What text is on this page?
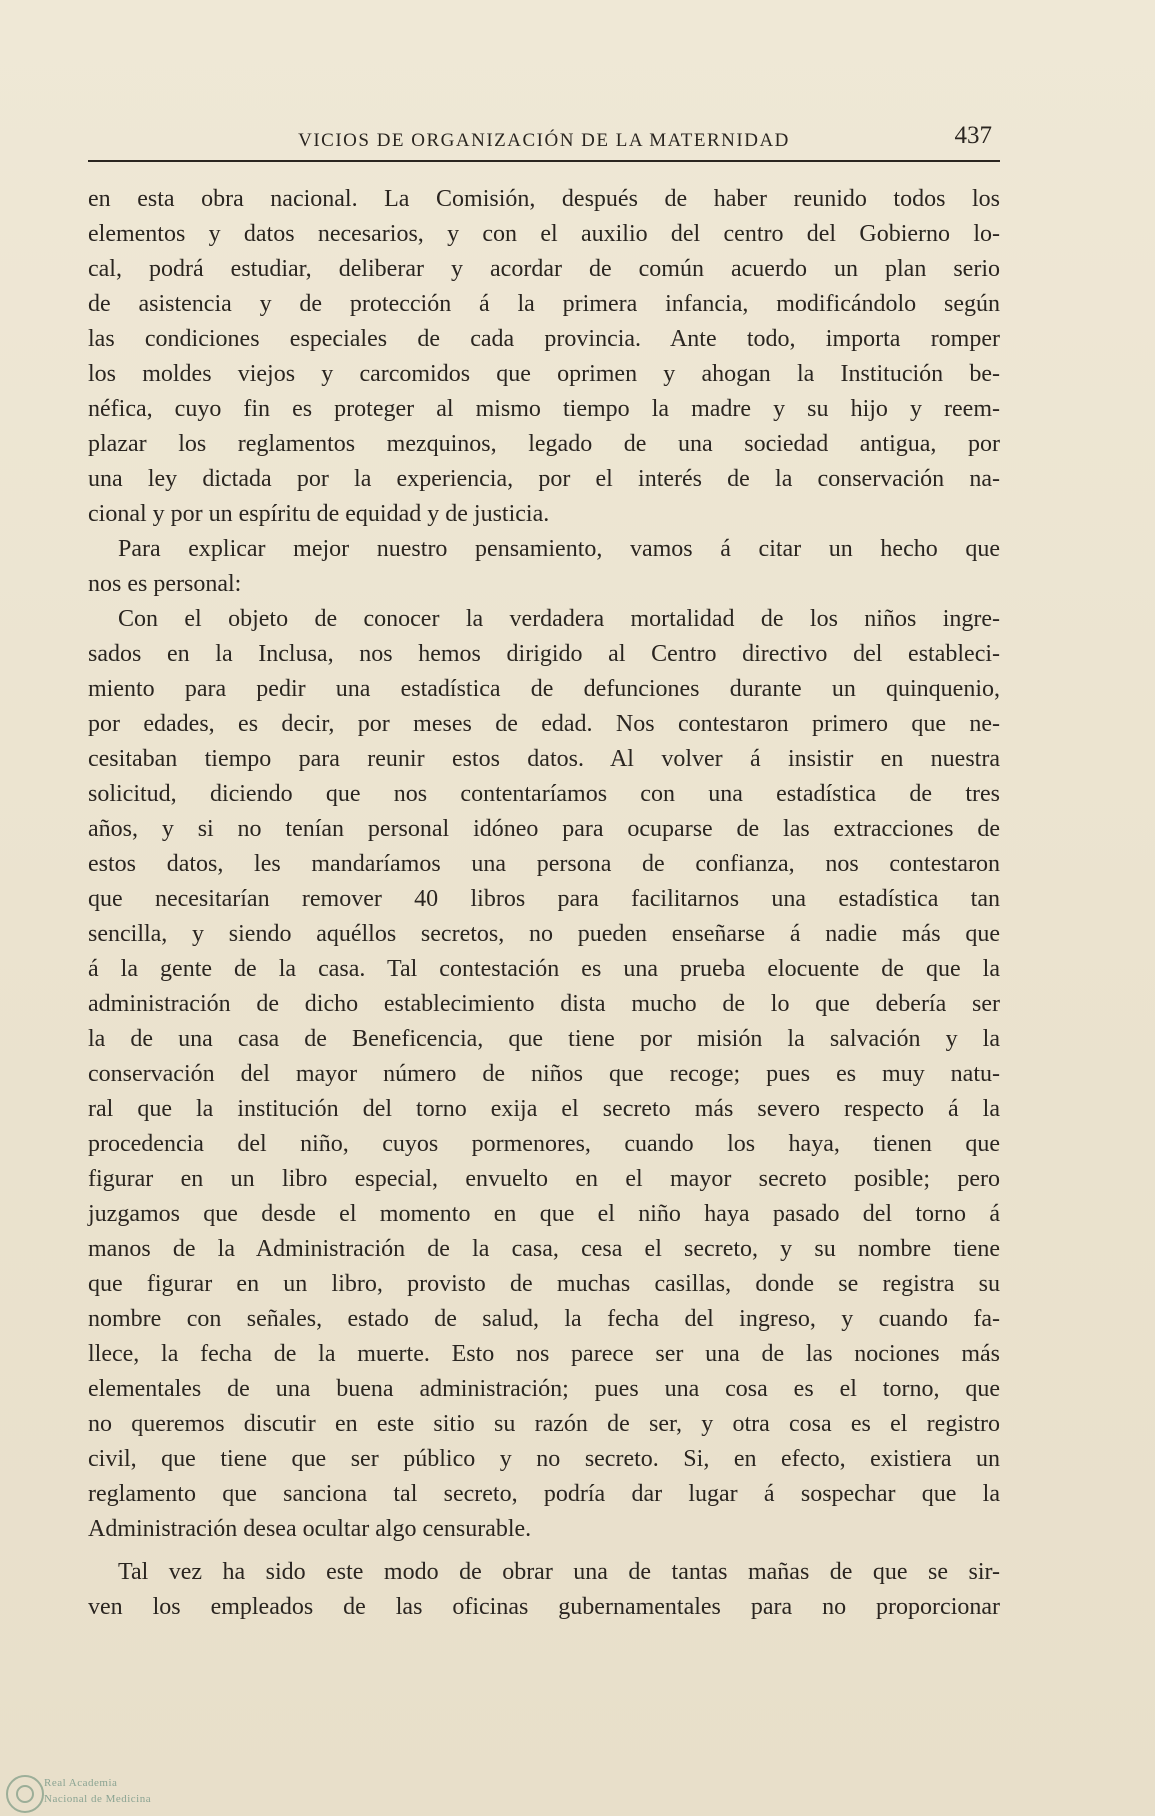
VICIOS DE ORGANIZACIÓN DE LA MATERNIDAD	437
en esta obra nacional. La Comisión, después de haber reunido todos los
elementos y datos necesarios, y con el auxilio del centro del Gobierno lo-
cal, podrá estudiar, deliberar y acordar de común acuerdo un plan serio
de asistencia y de protección á la primera infancia, modificándolo según
las condiciones especiales de cada provincia. Ante todo, importa romper
los moldes viejos y carcomidos que oprimen y ahogan la Institución be-
néfica, cuyo fin es proteger al mismo tiempo la madre y su hijo y reem-
plazar los reglamentos mezquinos, legado de una sociedad antigua, por
una ley dictada por la experiencia, por el interés de la conservación na-
cional y por un espíritu de equidad y de justicia.
Para explicar mejor nuestro pensamiento, vamos á citar un hecho que
nos es personal:
Con el objeto de conocer la verdadera mortalidad de los niños ingre-
sados en la Inclusa, nos hemos dirigido al Centro directivo del estableci-
miento para pedir una estadística de defunciones durante un quinquenio,
por edades, es decir, por meses de edad. Nos contestaron primero que ne-
cesitaban tiempo para reunir estos datos. Al volver á insistir en nuestra
solicitud, diciendo que nos contentaríamos con una estadística de tres
años, y si no tenían personal idóneo para ocuparse de las extracciones de
estos datos, les mandaríamos una persona de confianza, nos contestaron
que necesitarían remover 40 libros para facilitarnos una estadística tan
sencilla, y siendo aquéllos secretos, no pueden enseñarse á nadie más que
á la gente de la casa. Tal contestación es una prueba elocuente de que la
administración de dicho establecimiento dista mucho de lo que debería ser
la de una casa de Beneficencia, que tiene por misión la salvación y la
conservación del mayor número de niños que recoge; pues es muy natu-
ral que la institución del torno exija el secreto más severo respecto á la
procedencia del niño, cuyos pormenores, cuando los haya, tienen que
figurar en un libro especial, envuelto en el mayor secreto posible; pero
juzgamos que desde el momento en que el niño haya pasado del torno á
manos de la Administración de la casa, cesa el secreto, y su nombre tiene
que figurar en un libro, provisto de muchas casillas, donde se registra su
nombre con señales, estado de salud, la fecha del ingreso, y cuando fa-
llece, la fecha de la muerte. Esto nos parece ser una de las nociones más
elementales de una buena administración; pues una cosa es el torno, que
no queremos discutir en este sitio su razón de ser, y otra cosa es el registro
civil, que tiene que ser público y no secreto. Si, en efecto, existiera un
reglamento que sanciona tal secreto, podría dar lugar á sospechar que la
Administración desea ocultar algo censurable.
Tal vez ha sido este modo de obrar una de tantas mañas de que se sir-
ven los empleados de las oficinas gubernamentales para no proporcionar
Real Academia
Nacional de Medicina
